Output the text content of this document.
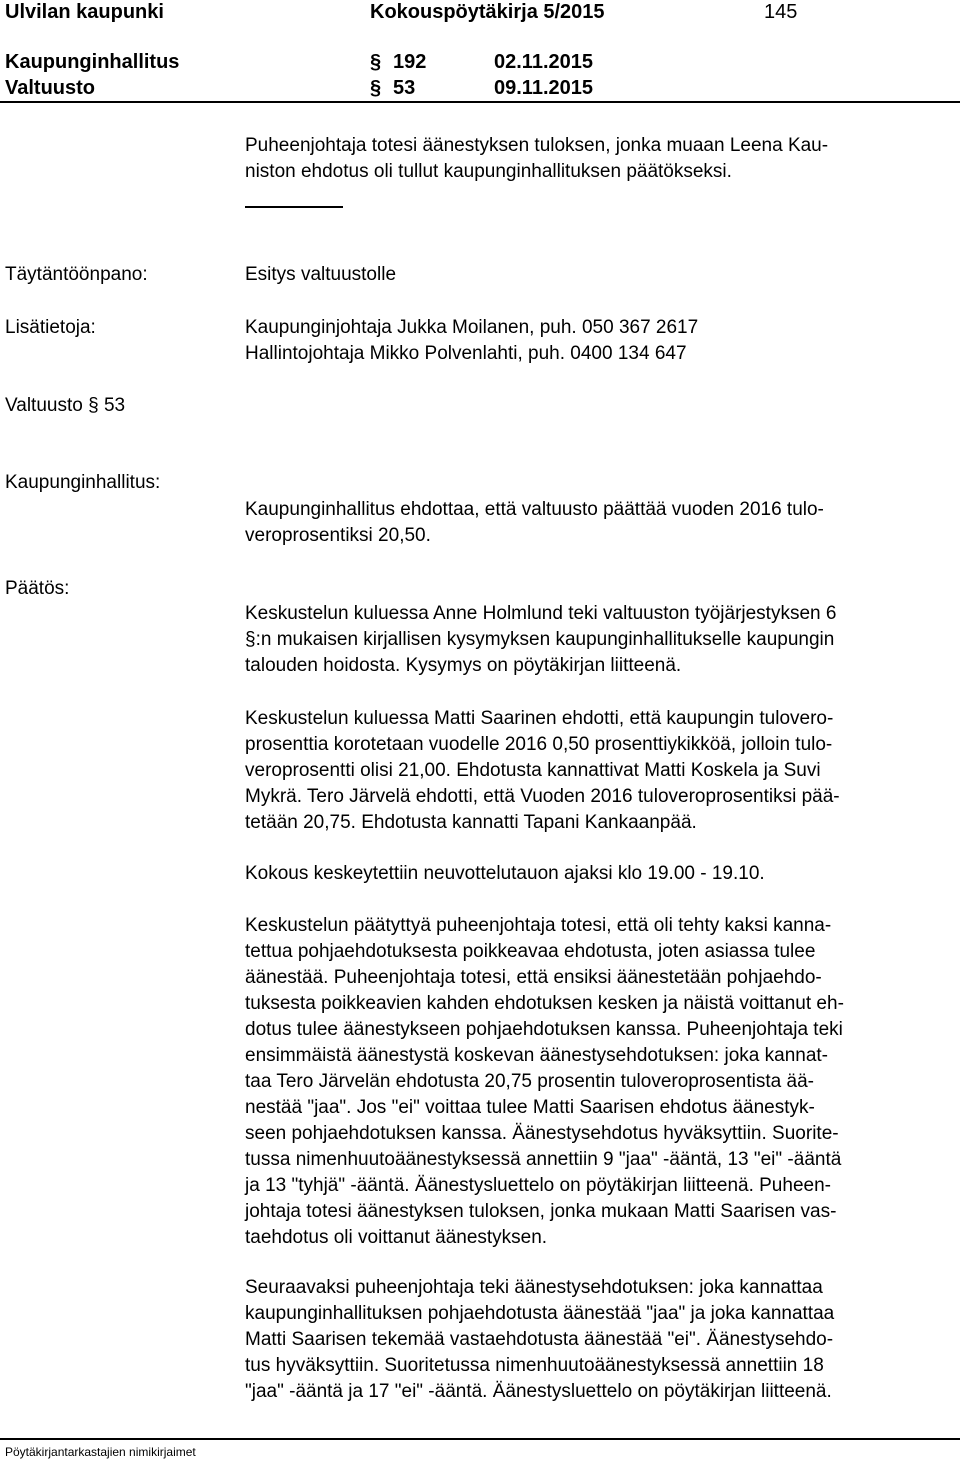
Ulvilan kaupunki	Kokouspöytäkirja 5/2015	145
Kaupunginhallitus	§ 192	02.11.2015
Valtuusto	§ 53	09.11.2015
Puheenjohtaja totesi äänestyksen tuloksen, jonka muaan Leena Kau-
niston ehdotus oli tullut kaupunginhallituksen päätökseksi.
Täytäntöönpano:	Esitys valtuustolle
Lisätietoja:	Kaupunginjohtaja Jukka Moilanen, puh. 050 367 2617
Hallintojohtaja Mikko Polvenlahti, puh. 0400 134 647
Valtuusto § 53
Kaupunginhallitus:
Kaupunginhallitus ehdottaa, että valtuusto päättää vuoden 2016 tulo-
veroprosentiksi 20,50.
Päätös:
Keskustelun kuluessa Anne Holmlund teki valtuuston työjärjestyksen 6
§:n mukaisen kirjallisen kysymyksen kaupunginhallitukselle kaupungin
talouden hoidosta. Kysymys on pöytäkirjan liitteenä.
Keskustelun kuluessa Matti Saarinen ehdotti, että kaupungin tulovero-
prosenttia korotetaan vuodelle 2016 0,50 prosenttiykikköä, jolloin tulo-
veroprosentti olisi 21,00. Ehdotusta kannattivat Matti Koskela ja Suvi
Mykrä. Tero Järvelä ehdotti, että Vuoden 2016 tuloveroprosentiksi pää-
tetään 20,75. Ehdotusta kannatti Tapani Kankaanpää.
Kokous keskeytettiin neuvottelutauon ajaksi klo 19.00 - 19.10.
Keskustelun päätyttyä puheenjohtaja totesi, että oli tehty kaksi kanna-
tettua pohjaehdotuksesta poikkeavaa ehdotusta, joten asiassa tulee
äänestää. Puheenjohtaja totesi, että ensiksi äänestetään pohjaehdo-
tuksesta poikkeavien kahden ehdotuksen kesken ja näistä voittanut eh-
dotus tulee äänestykseen pohjaehdotuksen kanssa. Puheenjohtaja teki
ensimmäistä äänestystä koskevan äänestysehdotuksen: joka kannat-
taa Tero Järvelän ehdotusta 20,75 prosentin tuloveroprosentista ää-
nestää "jaa". Jos "ei" voittaa tulee Matti Saarisen ehdotus äänestyk-
seen pohjaehdotuksen kanssa. Äänestysehdotus hyväksyttiin. Suorite-
tussa nimenhuutoäänestyksessä annettiin 9 "jaa" -ääntä, 13 "ei" -ääntä
ja 13 "tyhjä" -ääntä. Äänestysluettelo on pöytäkirjan liitteenä. Puheen-
johtaja totesi äänestyksen tuloksen, jonka mukaan Matti Saarisen vas-
taehdotus oli voittanut äänestyksen.
Seuraavaksi puheenjohtaja teki äänestysehdotuksen: joka kannattaa
kaupunginhallituksen pohjaehdotusta äänestää "jaa" ja joka kannattaa
Matti Saarisen tekemää vastaehdotusta äänestää "ei". Äänestysehdo-
tus hyväksyttiin. Suoritetussa nimenhuutoäänestyksessä annettiin 18
"jaa" -ääntä ja 17 "ei" -ääntä. Äänestysluettelo on pöytäkirjan liitteenä.
Pöytäkirjantarkastajien nimikirjaimet
